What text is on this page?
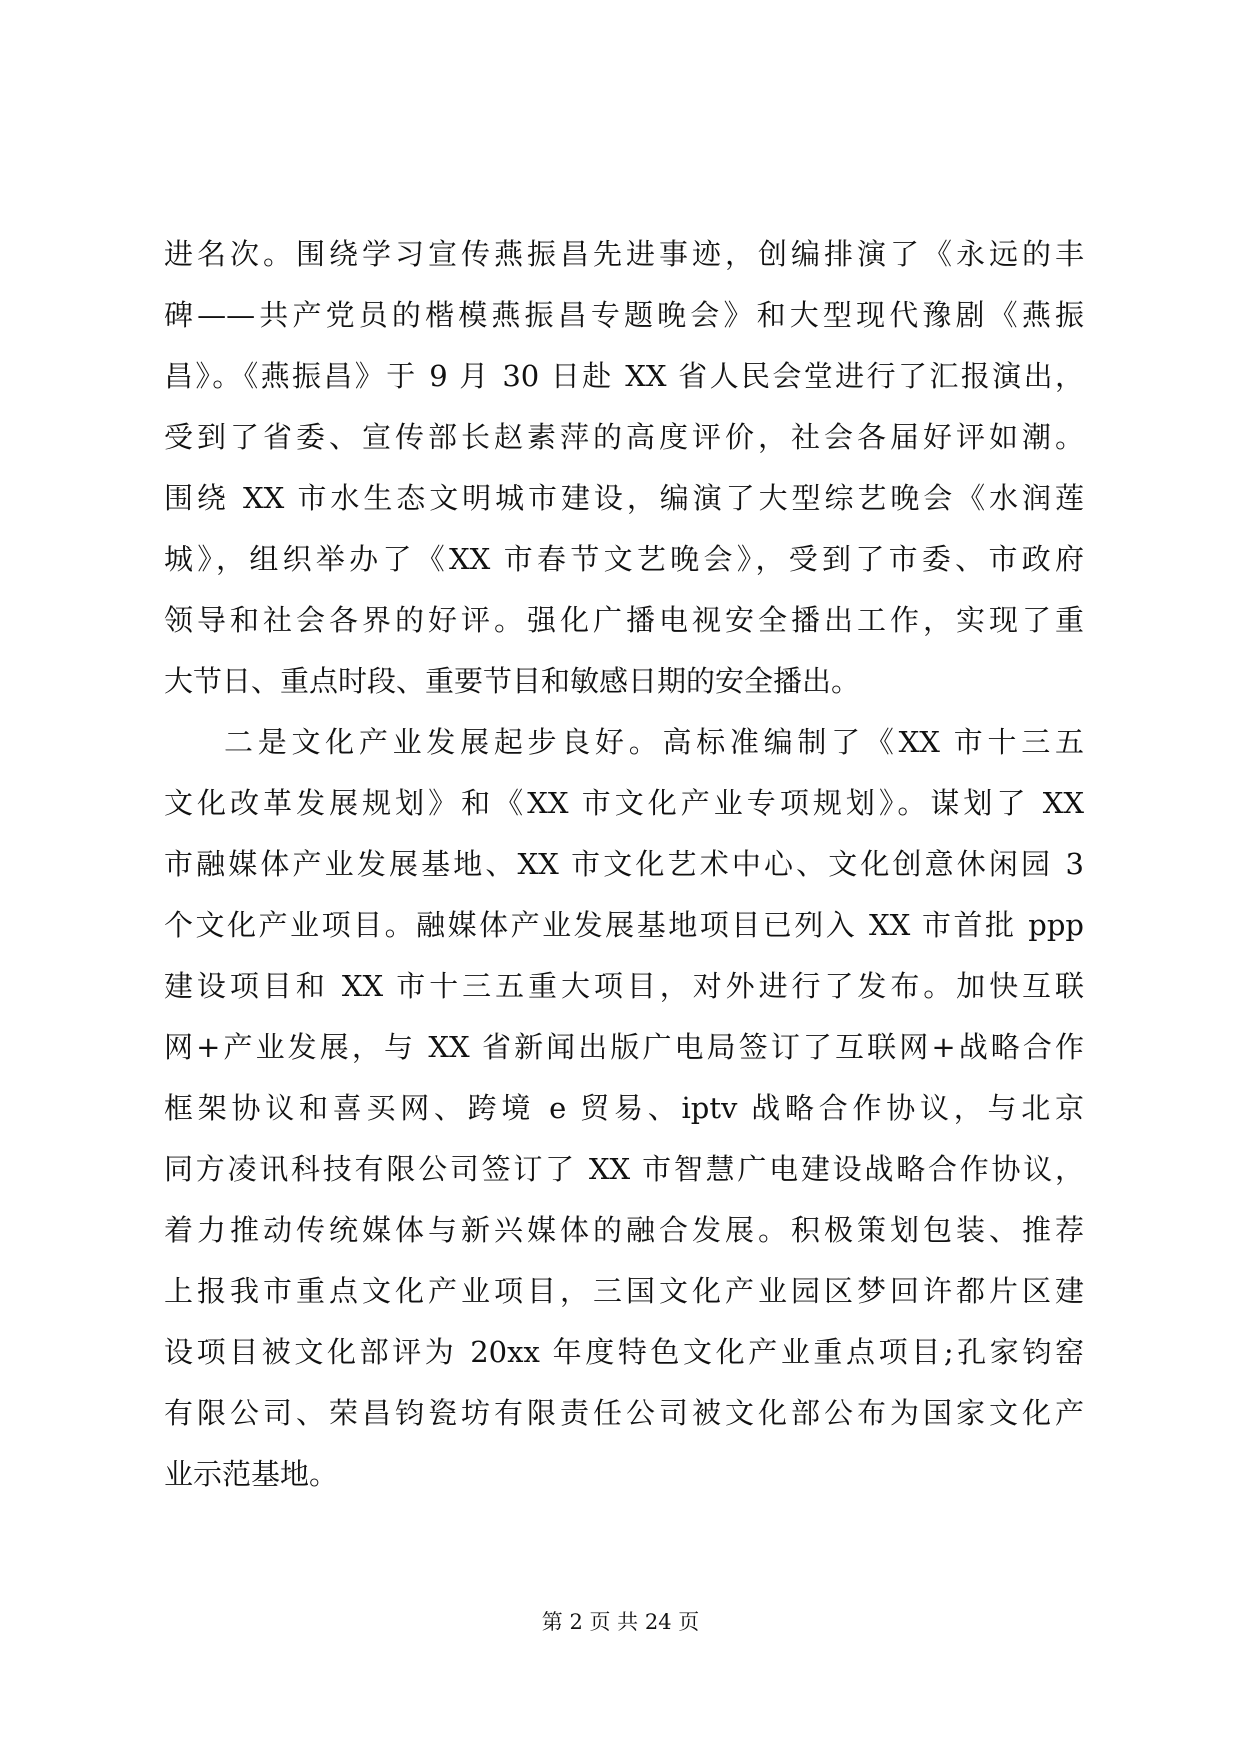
进名次。围绕学习宣传燕振昌先进事迹，创编排演了《永远的丰
碑——共产党员的楷模燕振昌专题晚会》和大型现代豫剧《燕振
昌》。《燕振昌》于 9 月 30 日赴 XX 省人民会堂进行了汇报演出，
受到了省委、宣传部长赵素萍的高度评价，社会各届好评如潮。
围绕 XX 市水生态文明城市建设，编演了大型综艺晚会《水润莲
城》，组织举办了《XX 市春节文艺晚会》，受到了市委、市政府
领导和社会各界的好评。强化广播电视安全播出工作，实现了重
大节日、重点时段、重要节目和敏感日期的安全播出。
二是文化产业发展起步良好。高标准编制了《XX 市十三五
文化改革发展规划》和《XX 市文化产业专项规划》。谋划了 XX
市融媒体产业发展基地、XX 市文化艺术中心、文化创意休闲园 3
个文化产业项目。融媒体产业发展基地项目已列入 XX 市首批 ppp
建设项目和 XX 市十三五重大项目，对外进行了发布。加快互联
网+产业发展，与 XX 省新闻出版广电局签订了互联网+战略合作
框架协议和喜买网、跨境 e 贸易、iptv 战略合作协议，与北京
同方凌讯科技有限公司签订了 XX 市智慧广电建设战略合作协议，
着力推动传统媒体与新兴媒体的融合发展。积极策划包装、推荐
上报我市重点文化产业项目，三国文化产业园区梦回许都片区建
设项目被文化部评为 20xx 年度特色文化产业重点项目;孔家钧窑
有限公司、荣昌钧瓷坊有限责任公司被文化部公布为国家文化产
业示范基地。
第 2 页 共 24 页
